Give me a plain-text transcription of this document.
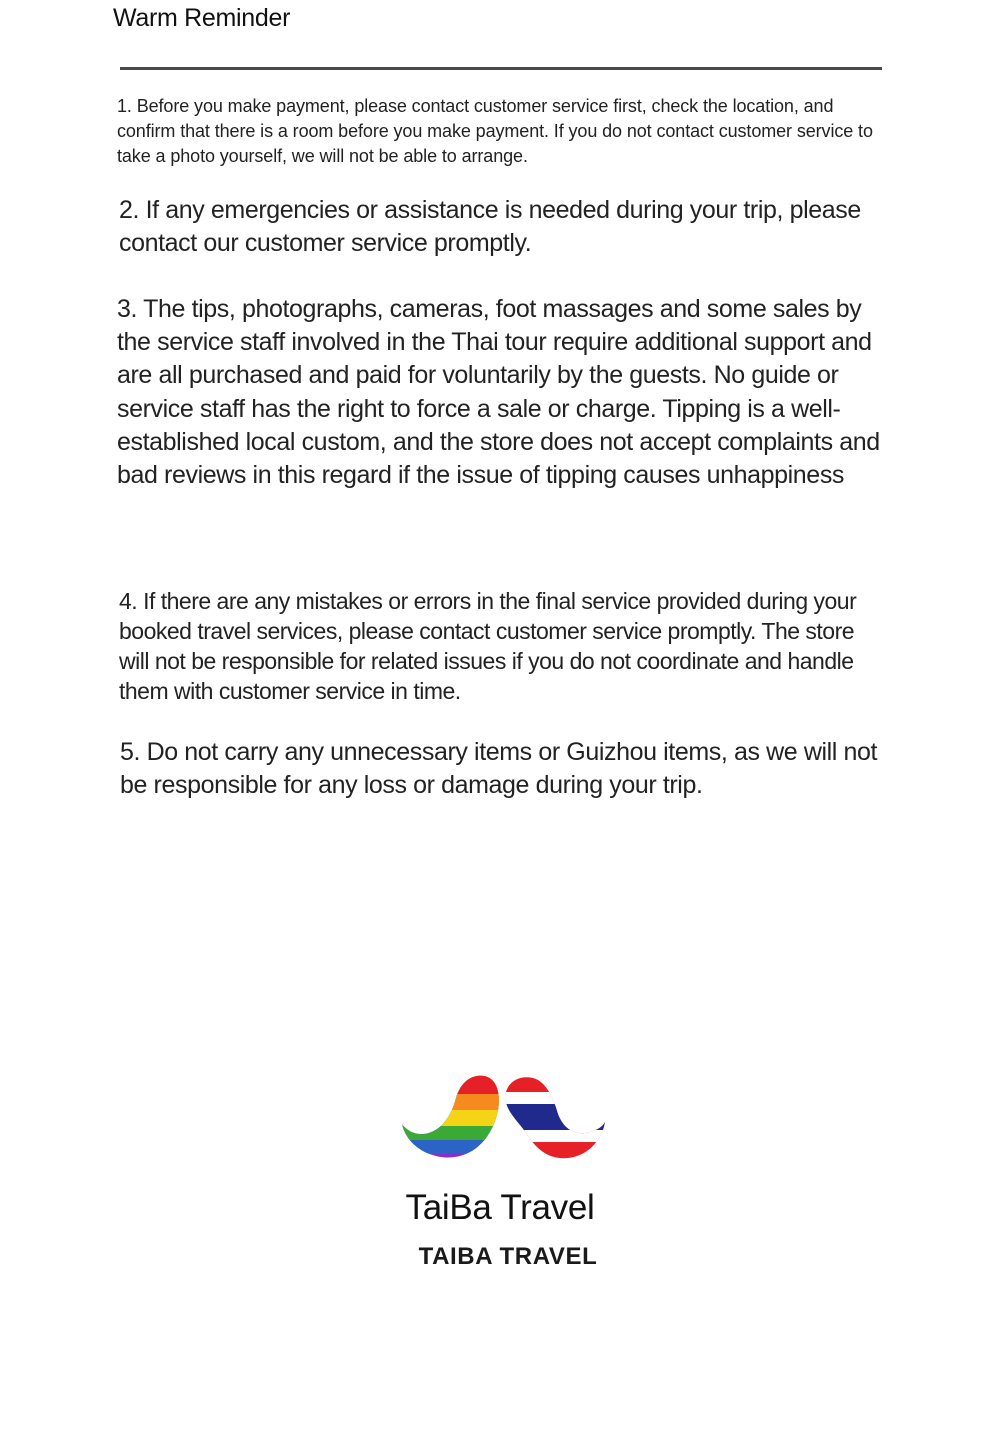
Warm Reminder

1. Before you make payment, please contact customer service first, check the location, and confirm that there is a room before you make payment. If you do not contact customer service to take a photo yourself, we will not be able to arrange.

2. If any emergencies or assistance is needed during your trip, please contact our customer service promptly.

3. The tips, photographs, cameras, foot massages and some sales by the service staff involved in the Thai tour require additional support and are all purchased and paid for voluntarily by the guests. No guide or service staff has the right to force a sale or charge. Tipping is a well-established local custom, and the store does not accept complaints and bad reviews in this regard if the issue of tipping causes unhappiness

4. If there are any mistakes or errors in the final service provided during your booked travel services, please contact customer service promptly. The store will not be responsible for related issues if you do not coordinate and handle them with customer service in time.

5. Do not carry any unnecessary items or Guizhou items, as we will not be responsible for any loss or damage during your trip.

TaiBa Travel
TAIBA TRAVEL
